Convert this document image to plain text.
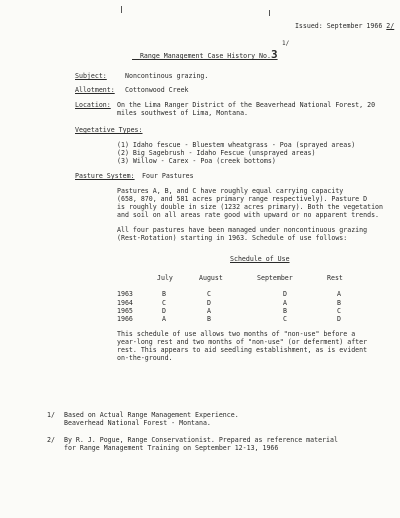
Issued: September 1966 2/

Range Management Case History No.3

1/
Subject:	Noncontinous grazing.
Allotment: Cottonwood Creek
Location: On the Lima Ranger District of the Beaverhead National Forest, 20
miles southwest of Lima, Montana.
Vegetative Types:
(1) Idaho fescue - Bluestem wheatgrass - Poa (sprayed areas)
(2) Big Sagebrush - Idaho Fescue (unsprayed areas)
(3) Willow - Carex - Poa (creek bottoms)
Pasture System: Four Pastures
Pastures A, B, and C have roughly equal carrying capacity
(658, 870, and 581 acres primary range respectively). Pasture D
is roughly double in size (1232 acres primary). Both the vegetation
and soil on all areas rate good with upward or no apparent trends.
All four pastures have been managed under noncontinuous grazing
(Rest-Rotation) starting in 1963. Schedule of use follows:
Schedule of Use
	July	August	September	Rest

1963	B	C	D	A
1964	C	D	A	B
1965	D	A	B	C
1966	A	B	C	D
This schedule of use allows two months of "non-use" before a
year-long rest and two months of "non-use" (or deferment) after
rest. This appears to aid seedling establishment, as is evident
on-the-ground.
1/ Based on Actual Range Management Experience.
Beaverhead National Forest - Montana.
2/ By R. J. Pogue, Range Conservationist. Prepared as reference material
for Range Management Training on September 12-13, 1966
